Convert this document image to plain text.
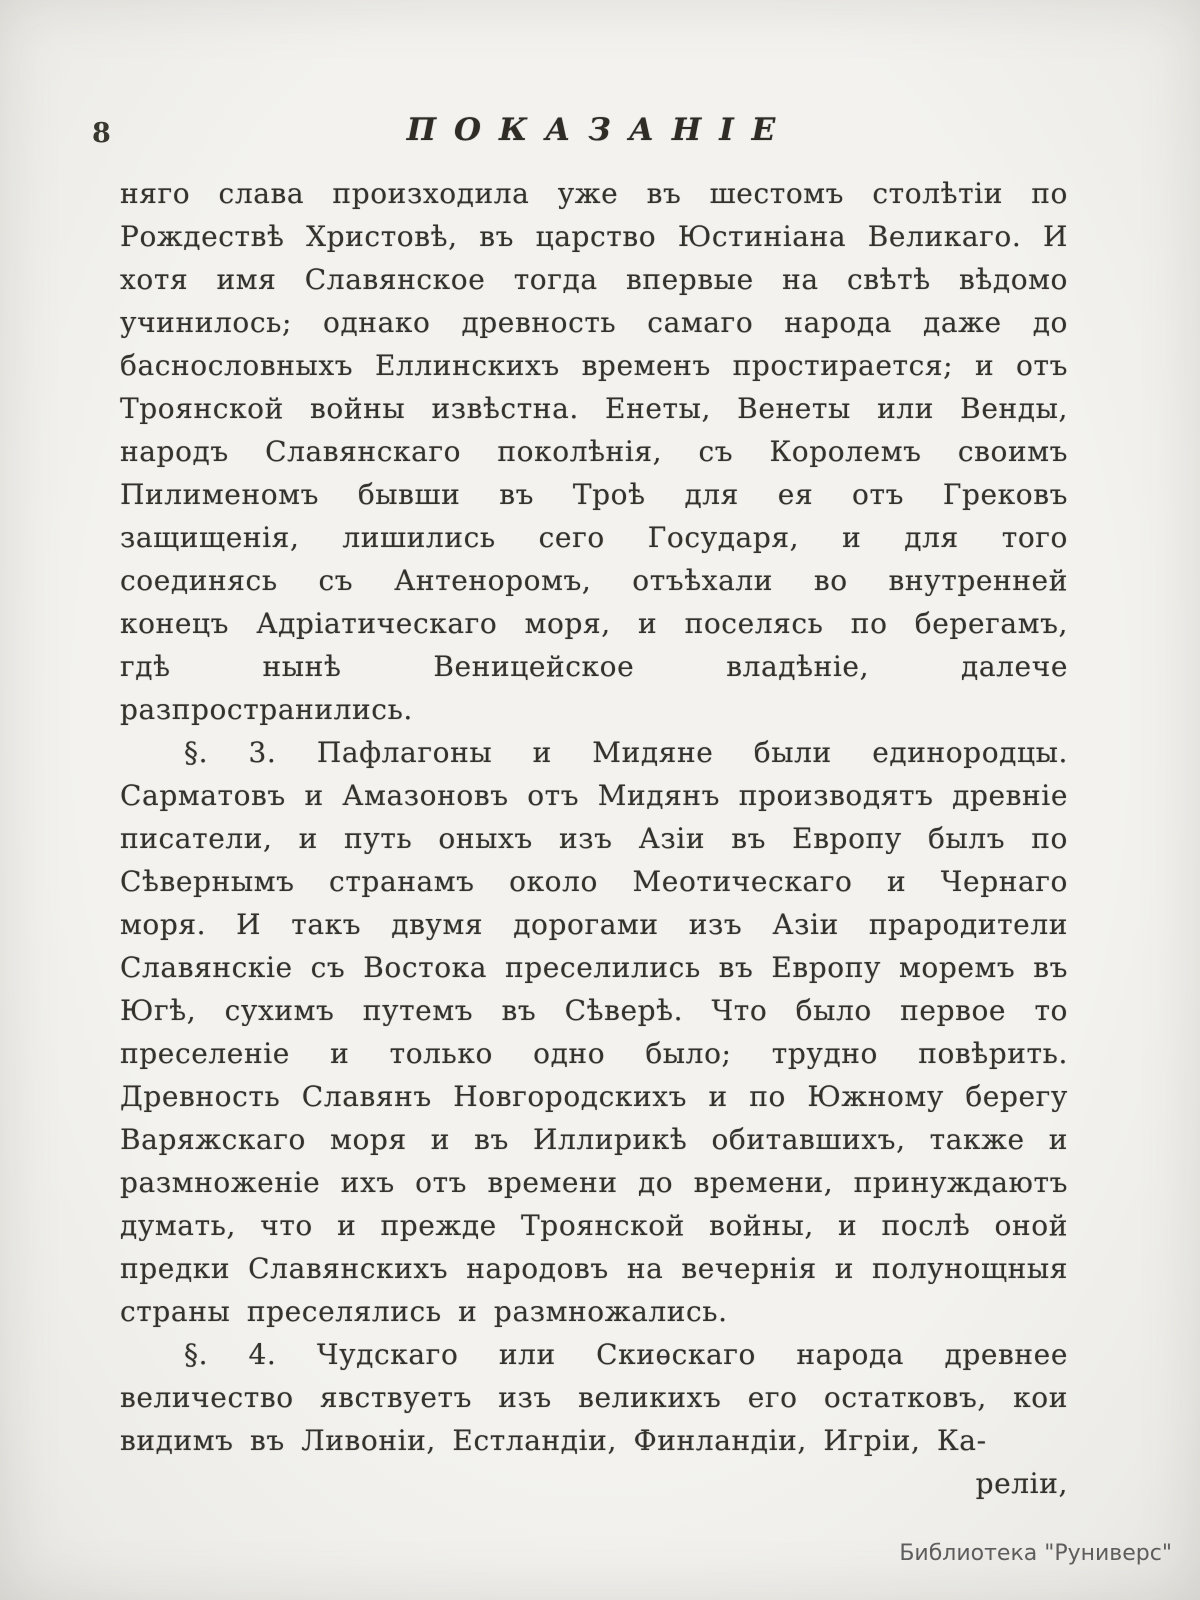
8	ПОКАЗАНІЕ

няго слава произходила уже въ шестомъ столѣтіи по Рождествѣ Христовѣ, въ царство Юстиніана Великаго. И хотя имя Славянское тогда впервые на свѣтѣ вѣдомо учинилось; однако древность самаго народа даже до баснословныхъ Еллинскихъ временъ простирается; и отъ Троянской войны извѣстна. Енеты, Венеты или Венды, народъ Славянскаго поколѣнія, съ Королемъ своимъ Пилименомъ бывши въ Троѣ для ея отъ Грековъ защищенія, лишились сего Государя, и для того соединясь съ Антеноромъ, отъѣхали во внутренней конецъ Адріатическаго моря, и поселясь по берегамъ, гдѣ нынѣ Веницейское владѣніе, далече разпространились.

§. 3. Пафлагоны и Мидяне были единородцы. Сарматовъ и Амазоновъ отъ Мидянъ производятъ древніе писатели, и путь оныхъ изъ Азіи въ Европу былъ по Сѣвернымъ странамъ около Меотическаго и Чернаго моря. И такъ двумя дорогами изъ Азіи прародители Славянскіе съ Востока преселились въ Европу моремъ въ Югѣ, сухимъ путемъ въ Сѣверѣ. Что было первое то преселеніе и только одно было; трудно повѣрить. Древность Славянъ Новгородскихъ и по Южному берегу Варяжскаго моря и въ Иллирикѣ обитавшихъ, также и размноженіе ихъ отъ времени до времени, принуждаютъ думать, что и прежде Троянской войны, и послѣ оной предки Славянскихъ народовъ на вечернія и полунощныя страны преселялись и размножались.

§. 4. Чудскаго или Скиѳскаго народа древнее величество явствуетъ изъ великихъ его остатковъ, кои видимъ въ Ливоніи, Естландіи, Финландіи, Игріи, Ка-

реліи,

Библиотека "Руниверс"
